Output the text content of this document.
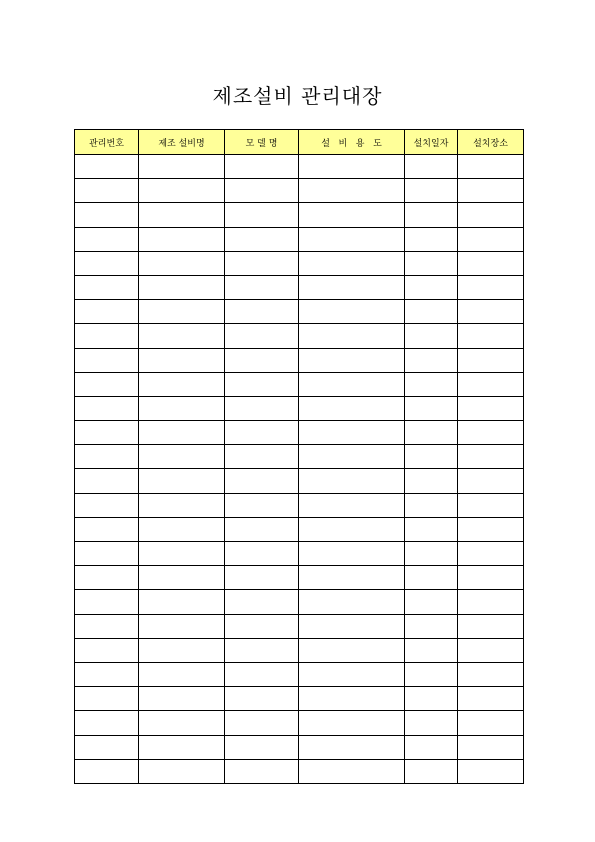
제조설비 관리대장
관리번호	제조 설비명	모 델 명	설   비   용   도	설치일자	설치장소
